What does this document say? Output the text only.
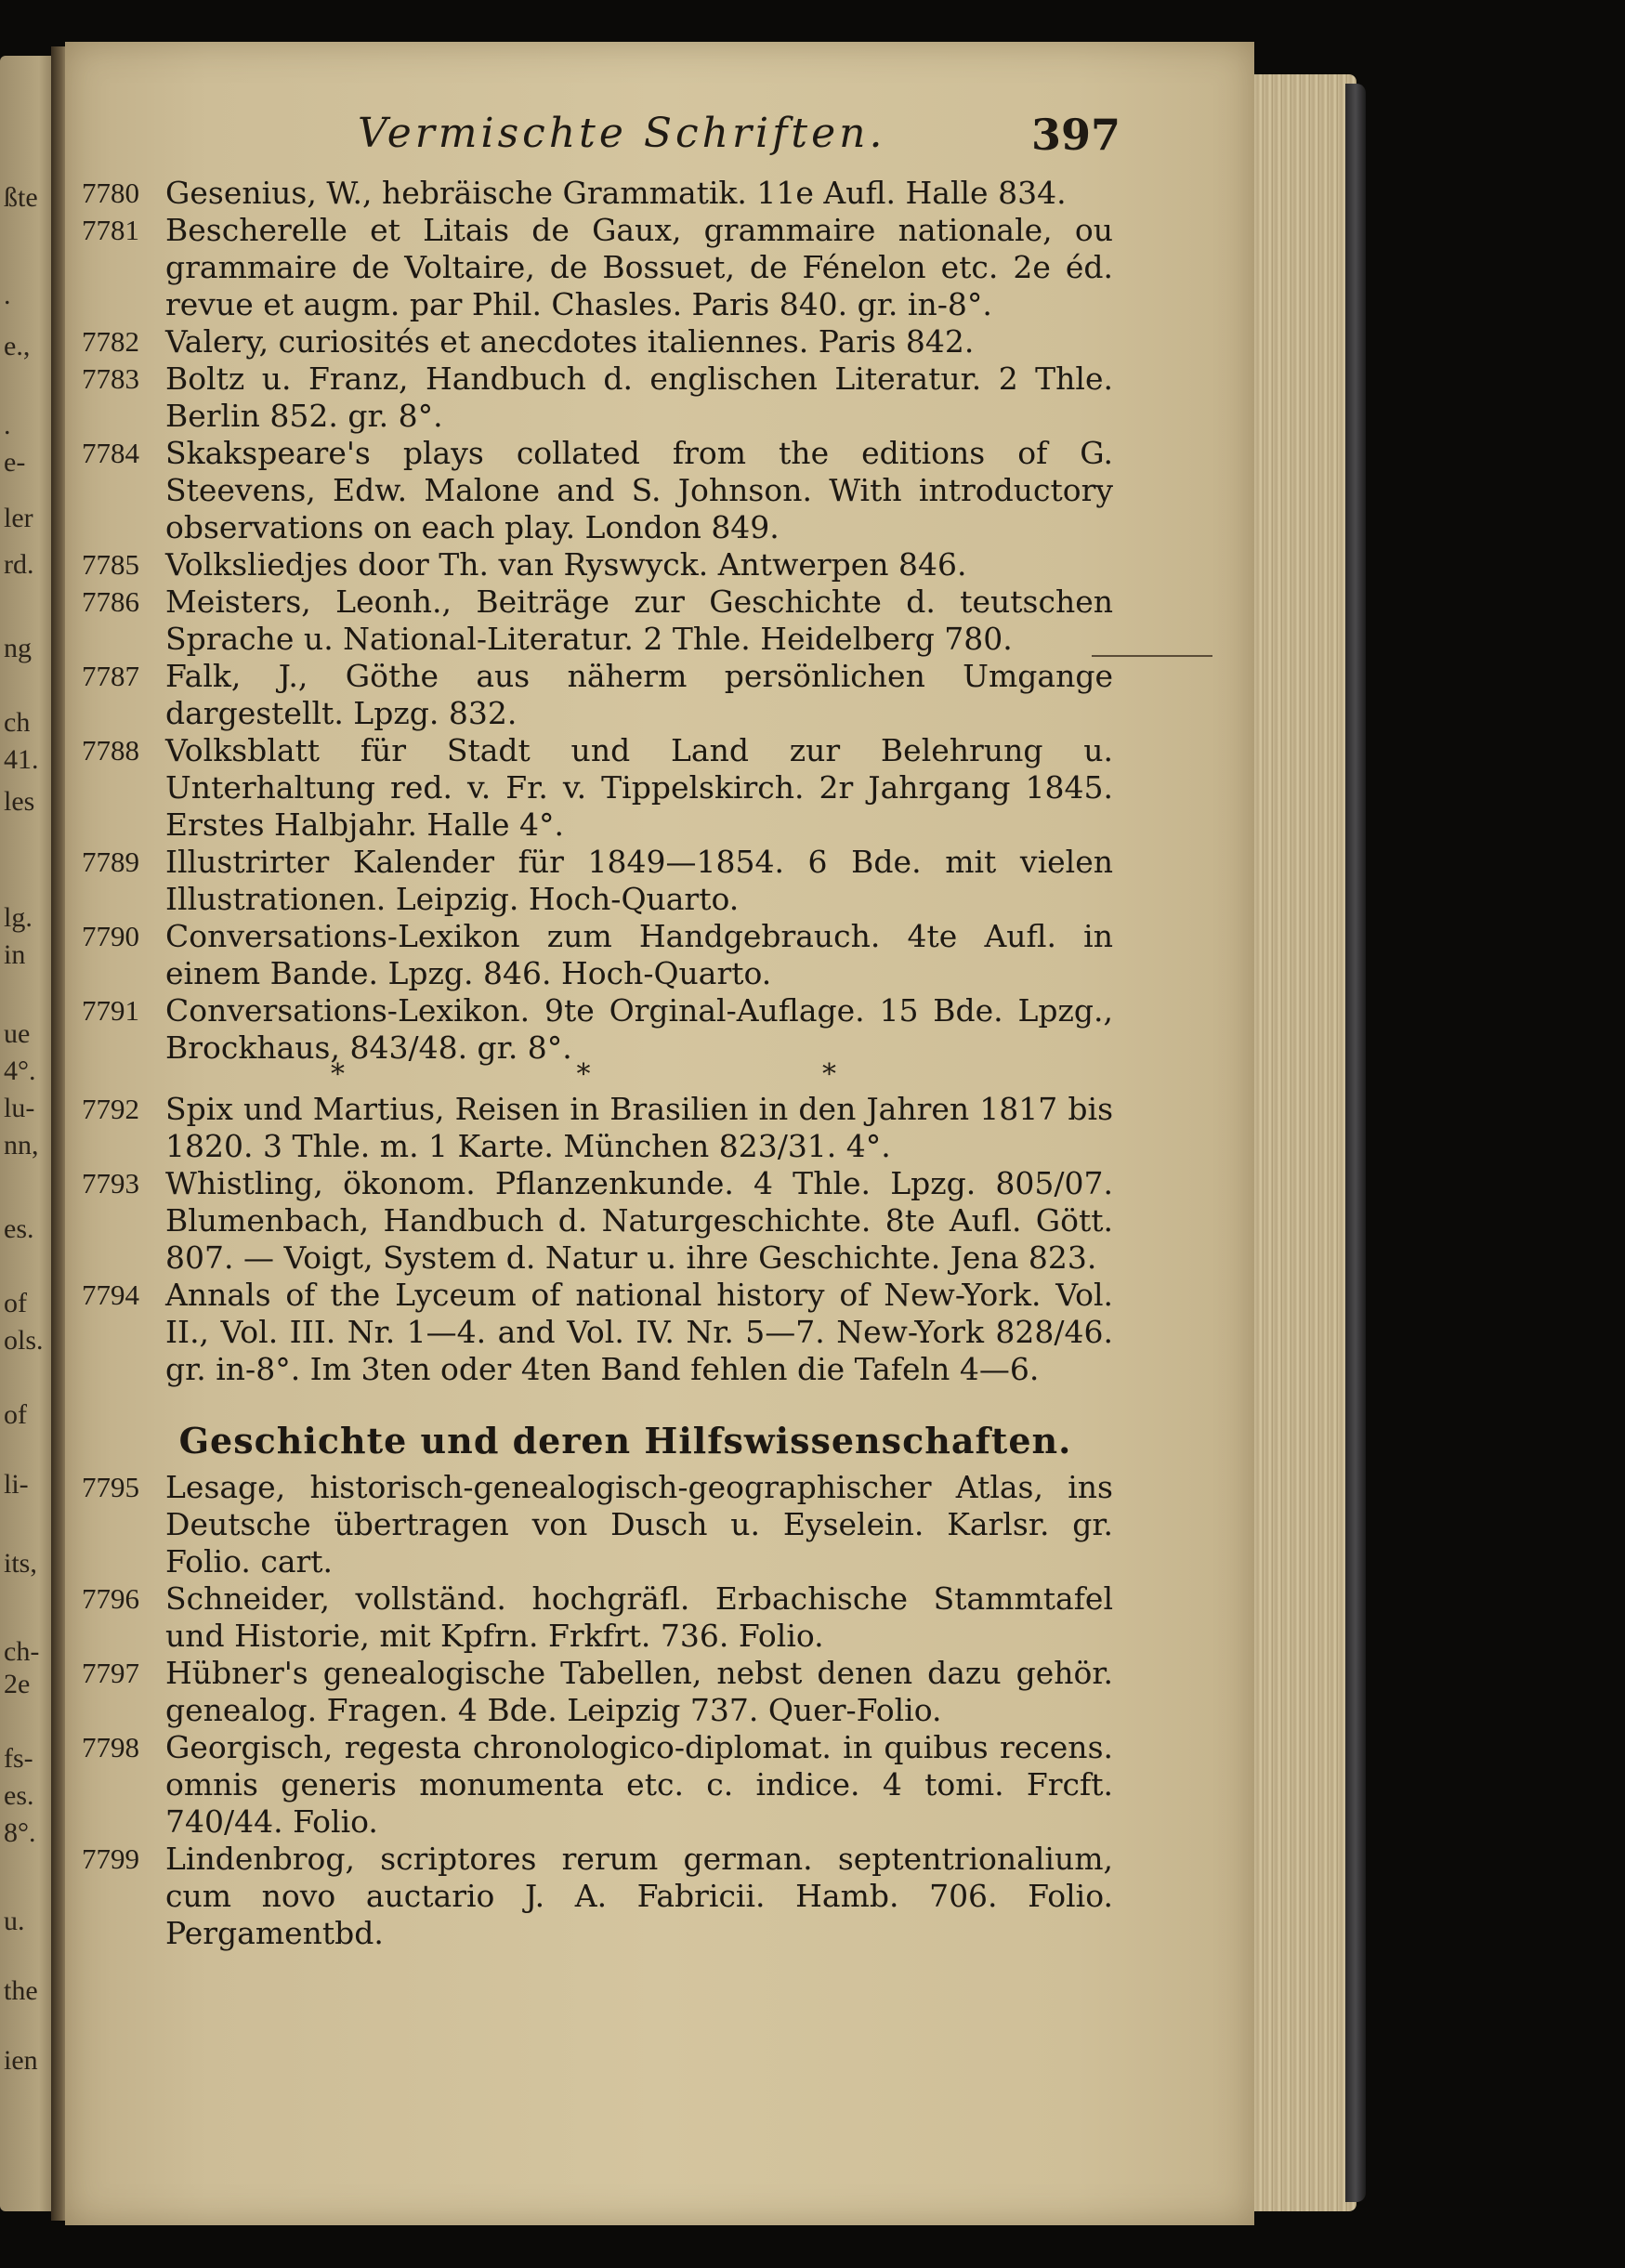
ßte
.
e.,
.
e-
ler
rd.
ng
ch
41.
les
lg.
in
ue
4°.
lu-
nn,
es.
of
ols.
of
li-
its,
ch-
2e
fs-
es.
8°.
u.
the
ien
Vermischte Schriften.	397
7780 Gesenius, W., hebräische Grammatik. 11e Aufl. Halle 834.
7781 Bescherelle et Litais de Gaux, grammaire nationale, ou grammaire de Voltaire, de Bossuet, de Fénelon etc. 2e éd. revue et augm. par Phil. Chasles. Paris 840. gr. in-8°.
7782 Valery, curiosités et anecdotes italiennes. Paris 842.
7783 Boltz u. Franz, Handbuch d. englischen Literatur. 2 Thle. Berlin 852. gr. 8°.
7784 Skakspeare's plays collated from the editions of G. Steevens, Edw. Malone and S. Johnson. With introductory observations on each play. London 849.
7785 Volksliedjes door Th. van Ryswyck. Antwerpen 846.
7786 Meisters, Leonh., Beiträge zur Geschichte d. teutschen Sprache u. National-Literatur. 2 Thle. Heidelberg 780.
7787 Falk, J., Göthe aus näherm persönlichen Umgange dargestellt. Lpzg. 832.
7788 Volksblatt für Stadt und Land zur Belehrung u. Unterhaltung red. v. Fr. v. Tippelskirch. 2r Jahrgang 1845. Erstes Halbjahr. Halle 4°.
7789 Illustrirter Kalender für 1849—1854. 6 Bde. mit vielen Illustrationen. Leipzig. Hoch-Quarto.
7790 Conversations-Lexikon zum Handgebrauch. 4te Aufl. in einem Bande. Lpzg. 846. Hoch-Quarto.
7791 Conversations-Lexikon. 9te Orginal-Auflage. 15 Bde. Lpzg., Brockhaus, 843/48. gr. 8°.
* * *
7792 Spix und Martius, Reisen in Brasilien in den Jahren 1817 bis 1820. 3 Thle. m. 1 Karte. München 823/31. 4°.
7793 Whistling, ökonom. Pflanzenkunde. 4 Thle. Lpzg. 805/07. Blumenbach, Handbuch d. Naturgeschichte. 8te Aufl. Gött. 807. — Voigt, System d. Natur u. ihre Geschichte. Jena 823.
7794 Annals of the Lyceum of national history of New-York. Vol. II., Vol. III. Nr. 1—4. and Vol. IV. Nr. 5—7. New-York 828/46. gr. in-8°. Im 3ten oder 4ten Band fehlen die Tafeln 4—6.
Geschichte und deren Hilfswissenschaften.
7795 Lesage, historisch-genealogisch-geographischer Atlas, ins Deutsche übertragen von Dusch u. Eyselein. Karlsr. gr. Folio. cart.
7796 Schneider, vollständ. hochgräfl. Erbachische Stammtafel und Historie, mit Kpfrn. Frkfrt. 736. Folio.
7797 Hübner's genealogische Tabellen, nebst denen dazu gehör. genealog. Fragen. 4 Bde. Leipzig 737. Quer-Folio.
7798 Georgisch, regesta chronologico-diplomat. in quibus recens. omnis generis monumenta etc. c. indice. 4 tomi. Frcft. 740/44. Folio.
7799 Lindenbrog, scriptores rerum german. septentrionalium, cum novo auctario J. A. Fabricii. Hamb. 706. Folio. Pergamentbd.
